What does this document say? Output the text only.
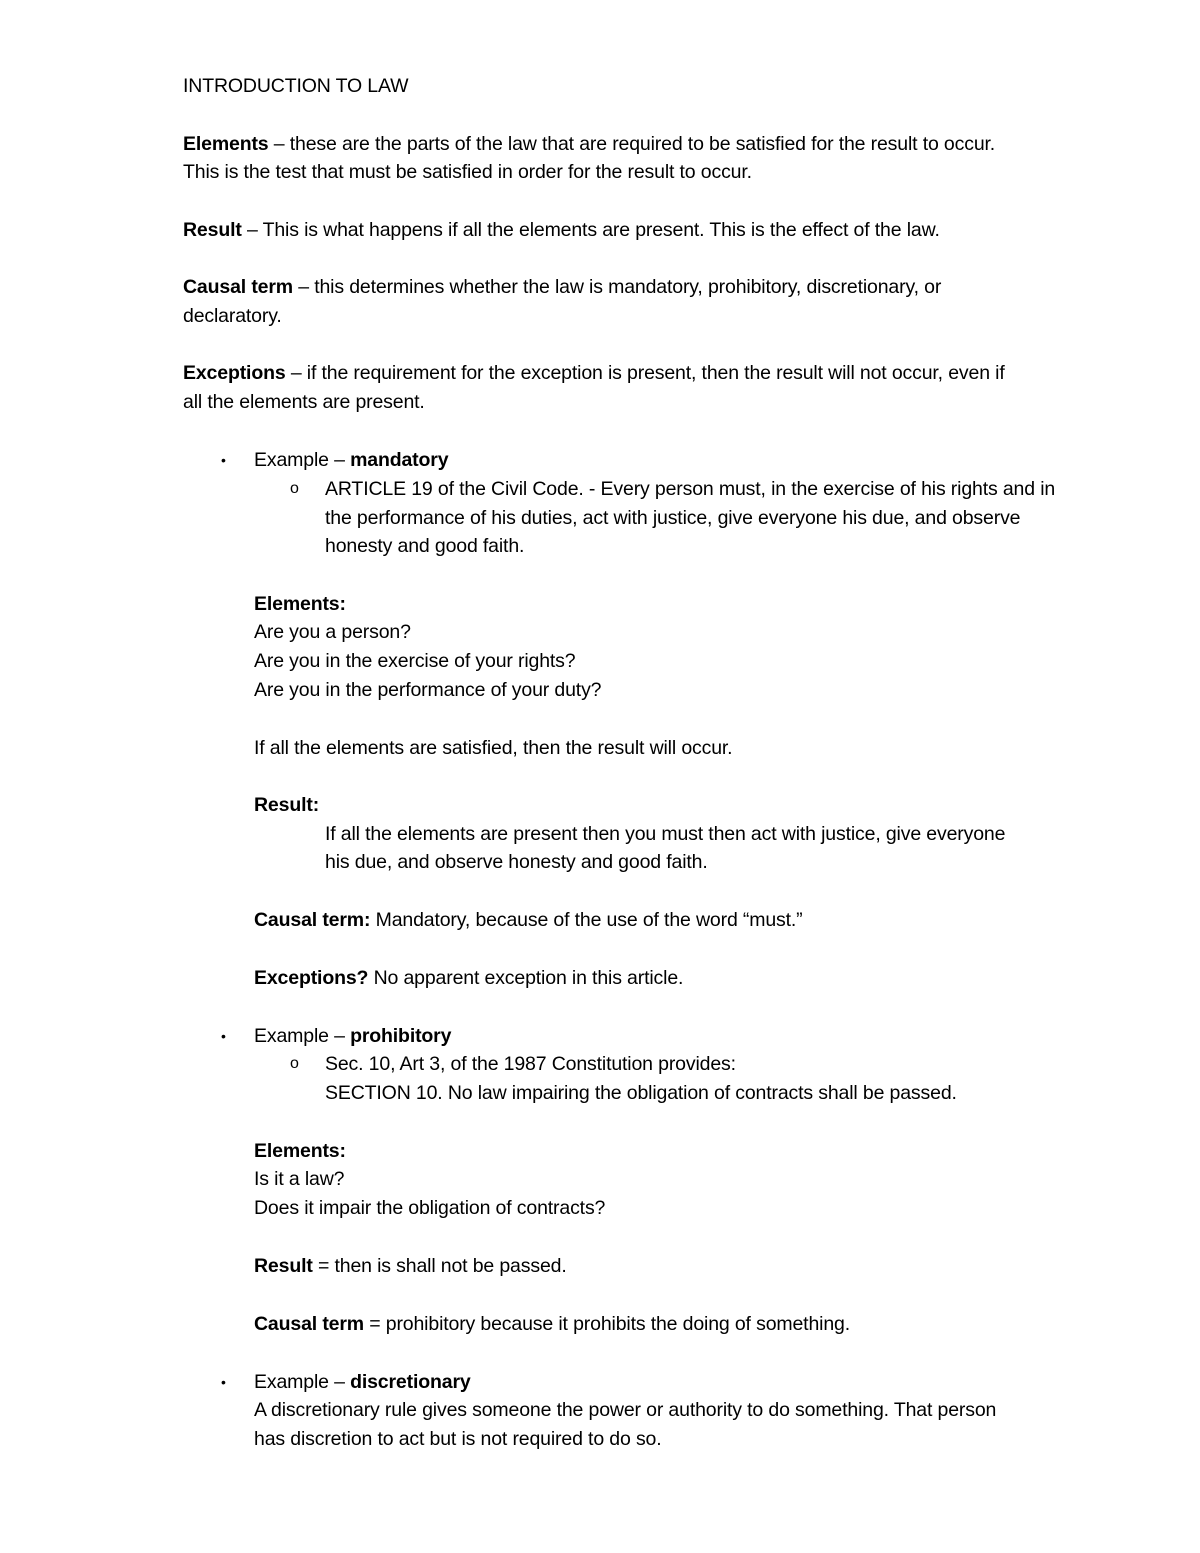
INTRODUCTION TO LAW
Elements – these are the parts of the law that are required to be satisfied for the result to occur.
This is the test that must be satisfied in order for the result to occur.
Result – This is what happens if all the elements are present. This is the effect of the law.
Causal term – this determines whether the law is mandatory, prohibitory, discretionary, or
declaratory.
Exceptions – if the requirement for the exception is present, then the result will not occur, even if
all the elements are present.
• Example – mandatory
o ARTICLE 19 of the Civil Code. - Every person must, in the exercise of his rights and in
the performance of his duties, act with justice, give everyone his due, and observe
honesty and good faith.
Elements:
Are you a person?
Are you in the exercise of your rights?
Are you in the performance of your duty?
If all the elements are satisfied, then the result will occur.
Result:
If all the elements are present then you must then act with justice, give everyone
his due, and observe honesty and good faith.
Causal term: Mandatory, because of the use of the word “must.”
Exceptions? No apparent exception in this article.
• Example – prohibitory
o Sec. 10, Art 3, of the 1987 Constitution provides:
SECTION 10. No law impairing the obligation of contracts shall be passed.
Elements:
Is it a law?
Does it impair the obligation of contracts?
Result = then is shall not be passed.
Causal term = prohibitory because it prohibits the doing of something.
• Example – discretionary
A discretionary rule gives someone the power or authority to do something. That person
has discretion to act but is not required to do so.
